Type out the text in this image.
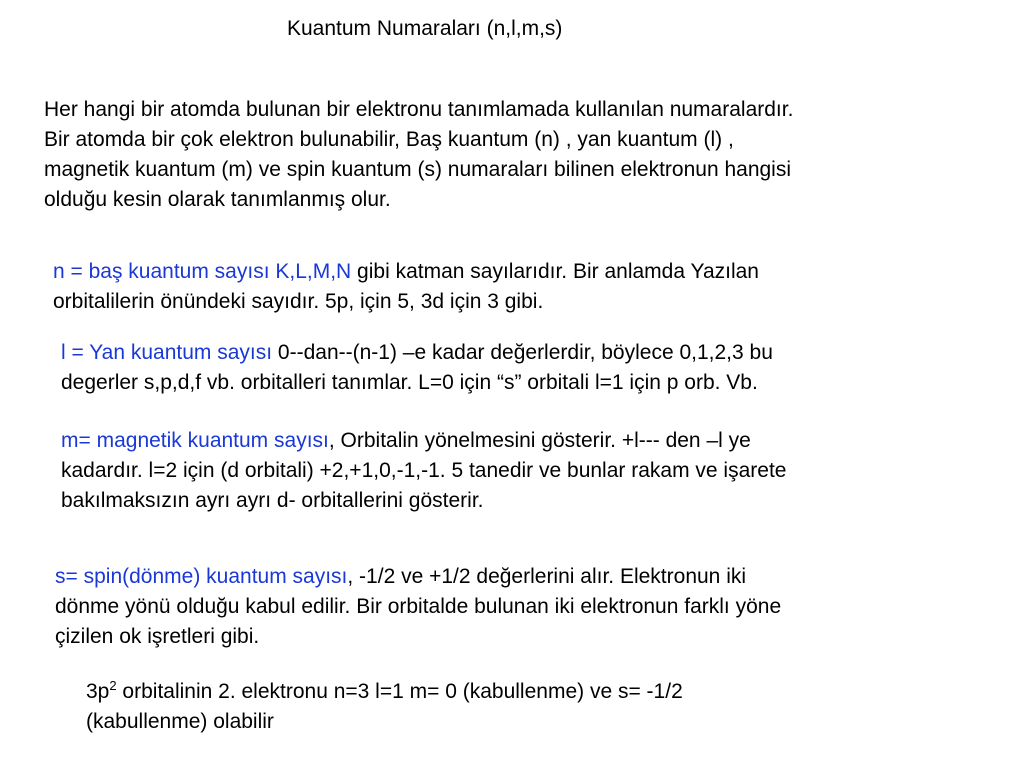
Kuantum Numaraları (n,l,m,s)
Her hangi bir atomda bulunan bir elektronu tanımlamada kullanılan numaralardır.
Bir atomda bir çok elektron bulunabilir, Baş kuantum (n) , yan kuantum (l) ,
magnetik kuantum (m) ve spin kuantum (s) numaraları bilinen elektronun hangisi
olduğu kesin olarak tanımlanmış olur.
n = baş kuantum sayısı K,L,M,N gibi katman sayılarıdır. Bir anlamda Yazılan
orbitalilerin önündeki sayıdır. 5p, için 5, 3d için 3 gibi.
l = Yan kuantum sayısı 0--dan--(n-1) –e kadar değerlerdir, böylece 0,1,2,3 bu
degerler s,p,d,f vb. orbitalleri tanımlar. L=0 için “s” orbitali l=1 için p orb. Vb.
m= magnetik kuantum sayısı, Orbitalin yönelmesini gösterir. +l--- den –l ye
kadardır. l=2 için (d orbitali) +2,+1,0,-1,-1. 5 tanedir ve bunlar rakam ve işarete
bakılmaksızın ayrı ayrı d- orbitallerini gösterir.
s= spin(dönme) kuantum sayısı, -1/2 ve +1/2 değerlerini alır. Elektronun iki
dönme yönü olduğu kabul edilir. Bir orbitalde bulunan iki elektronun farklı yöne
çizilen ok işretleri gibi.
$3p^2$ orbitalinin 2. elektronu n=3 l=1 m= 0 (kabullenme) ve s= -1/2
(kabullenme) olabilir
